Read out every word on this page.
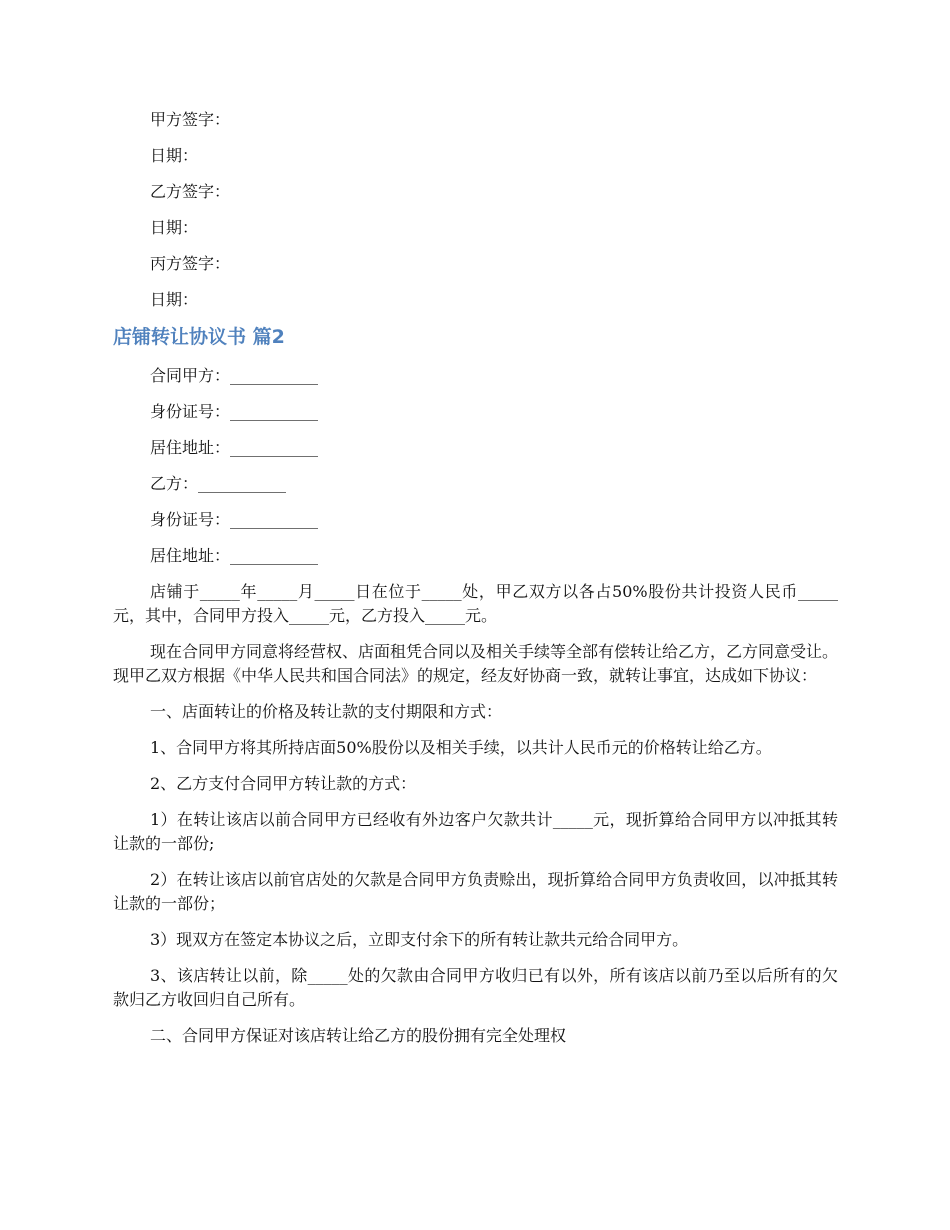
甲方签字：

日期：

乙方签字：

日期：

丙方签字：

日期：

店铺转让协议书 篇2

合同甲方：___________

身份证号：___________

居住地址：___________

乙方：___________

身份证号：___________

居住地址：___________

店铺于_____年_____月_____日在位于_____处，甲乙双方以各占50%股份共计投资人民币_____元，其中，合同甲方投入_____元，乙方投入_____元。

现在合同甲方同意将经营权、店面租凭合同以及相关手续等全部有偿转让给乙方，乙方同意受让。现甲乙双方根据《中华人民共和国合同法》的规定，经友好协商一致，就转让事宜，达成如下协议：

一、店面转让的价格及转让款的支付期限和方式：

1、合同甲方将其所持店面50%股份以及相关手续，以共计人民币元的价格转让给乙方。

2、乙方支付合同甲方转让款的方式：

1）在转让该店以前合同甲方已经收有外边客户欠款共计_____元，现折算给合同甲方以冲抵其转让款的一部份;

2）在转让该店以前官店处的欠款是合同甲方负责赊出，现折算给合同甲方负责收回，以冲抵其转让款的一部份；

3）现双方在签定本协议之后，立即支付余下的所有转让款共元给合同甲方。

3、该店转让以前，除_____处的欠款由合同甲方收归已有以外，所有该店以前乃至以后所有的欠款归乙方收回归自己所有。

二、合同甲方保证对该店转让给乙方的股份拥有完全处理权
